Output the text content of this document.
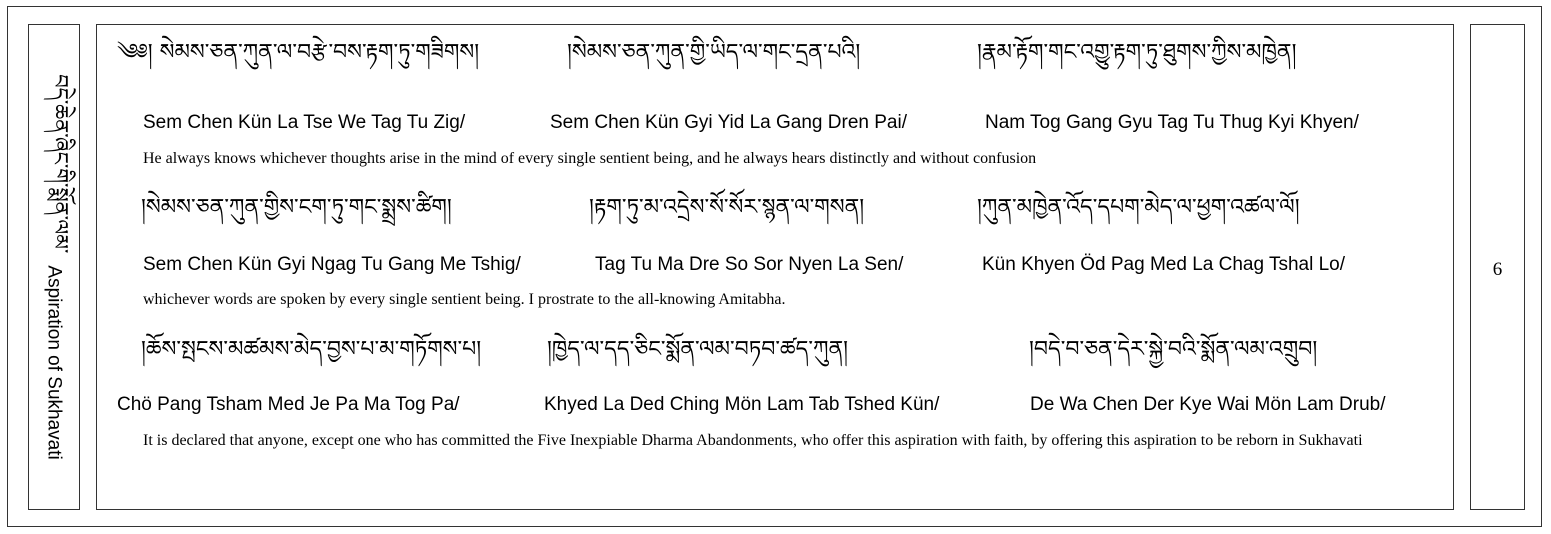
བདེ་ཆེན་ཞིང་གི་སྨོན་ལམ་
Aspiration of Sukhavati
༄༅། སེམས་ཅན་ཀུན་ལ་བརྩེ་བས་རྟག་ཏུ་གཟིགས།	།སེམས་ཅན་ཀུན་གྱི་ཡིད་ལ་གང་དྲན་པའི།	།རྣམ་རྟོག་གང་འགྱུ་རྟག་ཏུ་ཐུགས་ཀྱིས་མཁྱེན།
Sem Chen Kün La Tse We Tag Tu Zig/	Sem Chen Kün Gyi Yid La Gang Dren Pai/	Nam Tog Gang Gyu Tag Tu Thug Kyi Khyen/
He always knows whichever thoughts arise in the mind of every single sentient being, and he always hears distinctly and without confusion
།སེམས་ཅན་ཀུན་གྱིས་ངག་ཏུ་གང་སྨྲས་ཚིག།	།རྟག་ཏུ་མ་འདྲེས་སོ་སོར་སྙན་ལ་གསན།	།ཀུན་མཁྱེན་འོད་དཔག་མེད་ལ་ཕྱག་འཚལ་ལོ།
Sem Chen Kün Gyi Ngag Tu Gang Me Tshig/	Tag Tu Ma Dre So Sor Nyen La Sen/	Kün Khyen Öd Pag Med La Chag Tshal Lo/
whichever words are spoken by every single sentient being. I prostrate to the all-knowing Amitabha.
།ཆོས་སྤངས་མཚམས་མེད་བྱས་པ་མ་གཏོགས་པ།	།ཁྱེད་ལ་དད་ཅིང་སྨོན་ལམ་བཏབ་ཚད་ཀུན།	།བདེ་བ་ཅན་དེར་སྐྱེ་བའི་སྨོན་ལམ་འགྲུབ།
Chö Pang Tsham Med Je Pa Ma Tog Pa/	Khyed La Ded Ching Mön Lam Tab Tshed Kün/	De Wa Chen Der Kye Wai Mön Lam Drub/
It is declared that anyone, except one who has committed the Five Inexpiable Dharma Abandonments, who offer this aspiration with faith, by offering this aspiration to be reborn in Sukhavati
6
